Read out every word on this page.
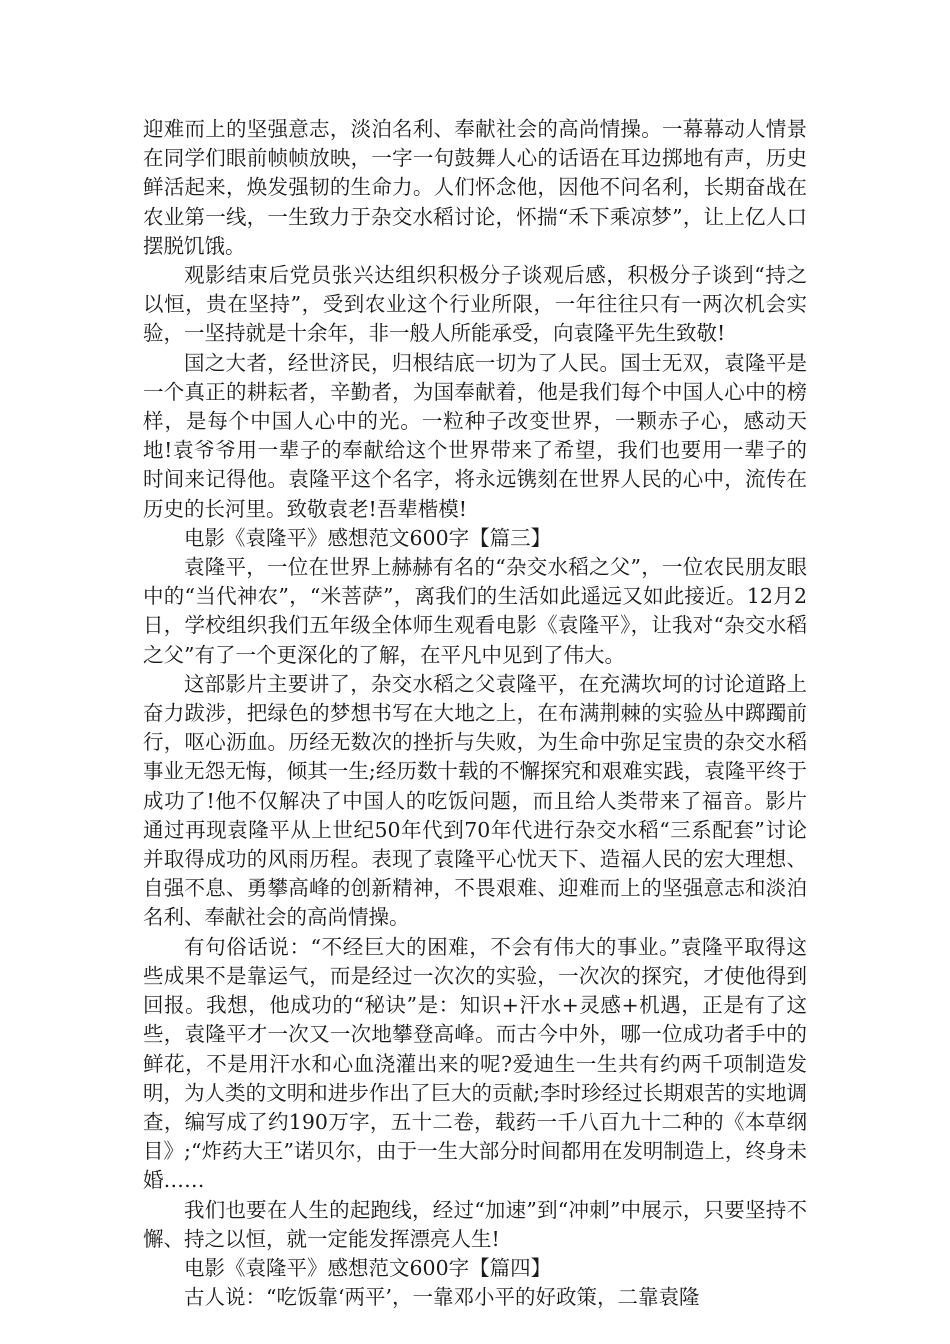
迎难而上的坚强意志，淡泊名利、奉献社会的高尚情操。一幕幕动人情景在同学们眼前帧帧放映，一字一句鼓舞人心的话语在耳边掷地有声，历史鲜活起来，焕发强韧的生命力。人们怀念他，因他不问名利，长期奋战在农业第一线，一生致力于杂交水稻讨论，怀揣“禾下乘凉梦”，让上亿人口摆脱饥饿。

观影结束后党员张兴达组织积极分子谈观后感，积极分子谈到“持之以恒，贵在坚持”，受到农业这个行业所限，一年往往只有一两次机会实验，一坚持就是十余年，非一般人所能承受，向袁隆平先生致敬!

国之大者，经世济民，归根结底一切为了人民。国士无双，袁隆平是一个真正的耕耘者，辛勤者，为国奉献着，他是我们每个中国人心中的榜样，是每个中国人心中的光。一粒种子改变世界，一颗赤子心，感动天地!袁爷爷用一辈子的奉献给这个世界带来了希望，我们也要用一辈子的时间来记得他。袁隆平这个名字，将永远镌刻在世界人民的心中，流传在历史的长河里。致敬袁老!吾辈楷模!

电影《袁隆平》感想范文600字【篇三】

袁隆平，一位在世界上赫赫有名的“杂交水稻之父”，一位农民朋友眼中的“当代神农”，“米菩萨”，离我们的生活如此遥远又如此接近。12月2日，学校组织我们五年级全体师生观看电影《袁隆平》，让我对“杂交水稻之父”有了一个更深化的了解，在平凡中见到了伟大。

这部影片主要讲了，杂交水稻之父袁隆平，在充满坎坷的讨论道路上奋力跋涉，把绿色的梦想书写在大地之上，在布满荆棘的实验丛中踯躅前行，呕心沥血。历经无数次的挫折与失败，为生命中弥足宝贵的杂交水稻事业无怨无悔，倾其一生;经历数十载的不懈探究和艰难实践，袁隆平终于成功了!他不仅解决了中国人的吃饭问题，而且给人类带来了福音。影片通过再现袁隆平从上世纪50年代到70年代进行杂交水稻“三系配套”讨论并取得成功的风雨历程。表现了袁隆平心忧天下、造福人民的宏大理想、自强不息、勇攀高峰的创新精神，不畏艰难、迎难而上的坚强意志和淡泊名利、奉献社会的高尚情操。

有句俗话说：“不经巨大的困难，不会有伟大的事业。”袁隆平取得这些成果不是靠运气，而是经过一次次的实验，一次次的探究，才使他得到回报。我想，他成功的“秘诀”是：知识+汗水+灵感+机遇，正是有了这些，袁隆平才一次又一次地攀登高峰。而古今中外，哪一位成功者手中的鲜花，不是用汗水和心血浇灌出来的呢?爱迪生一生共有约两千项制造发明，为人类的文明和进步作出了巨大的贡献;李时珍经过长期艰苦的实地调查，编写成了约190万字，五十二卷，载药一千八百九十二种的《本草纲目》;“炸药大王”诺贝尔，由于一生大部分时间都用在发明制造上，终身未婚……

我们也要在人生的起跑线，经过“加速”到“冲刺”中展示，只要坚持不懈、持之以恒，就一定能发挥漂亮人生!

电影《袁隆平》感想范文600字【篇四】

古人说：“吃饭靠‘两平’，一靠邓小平的好政策，二靠袁隆
